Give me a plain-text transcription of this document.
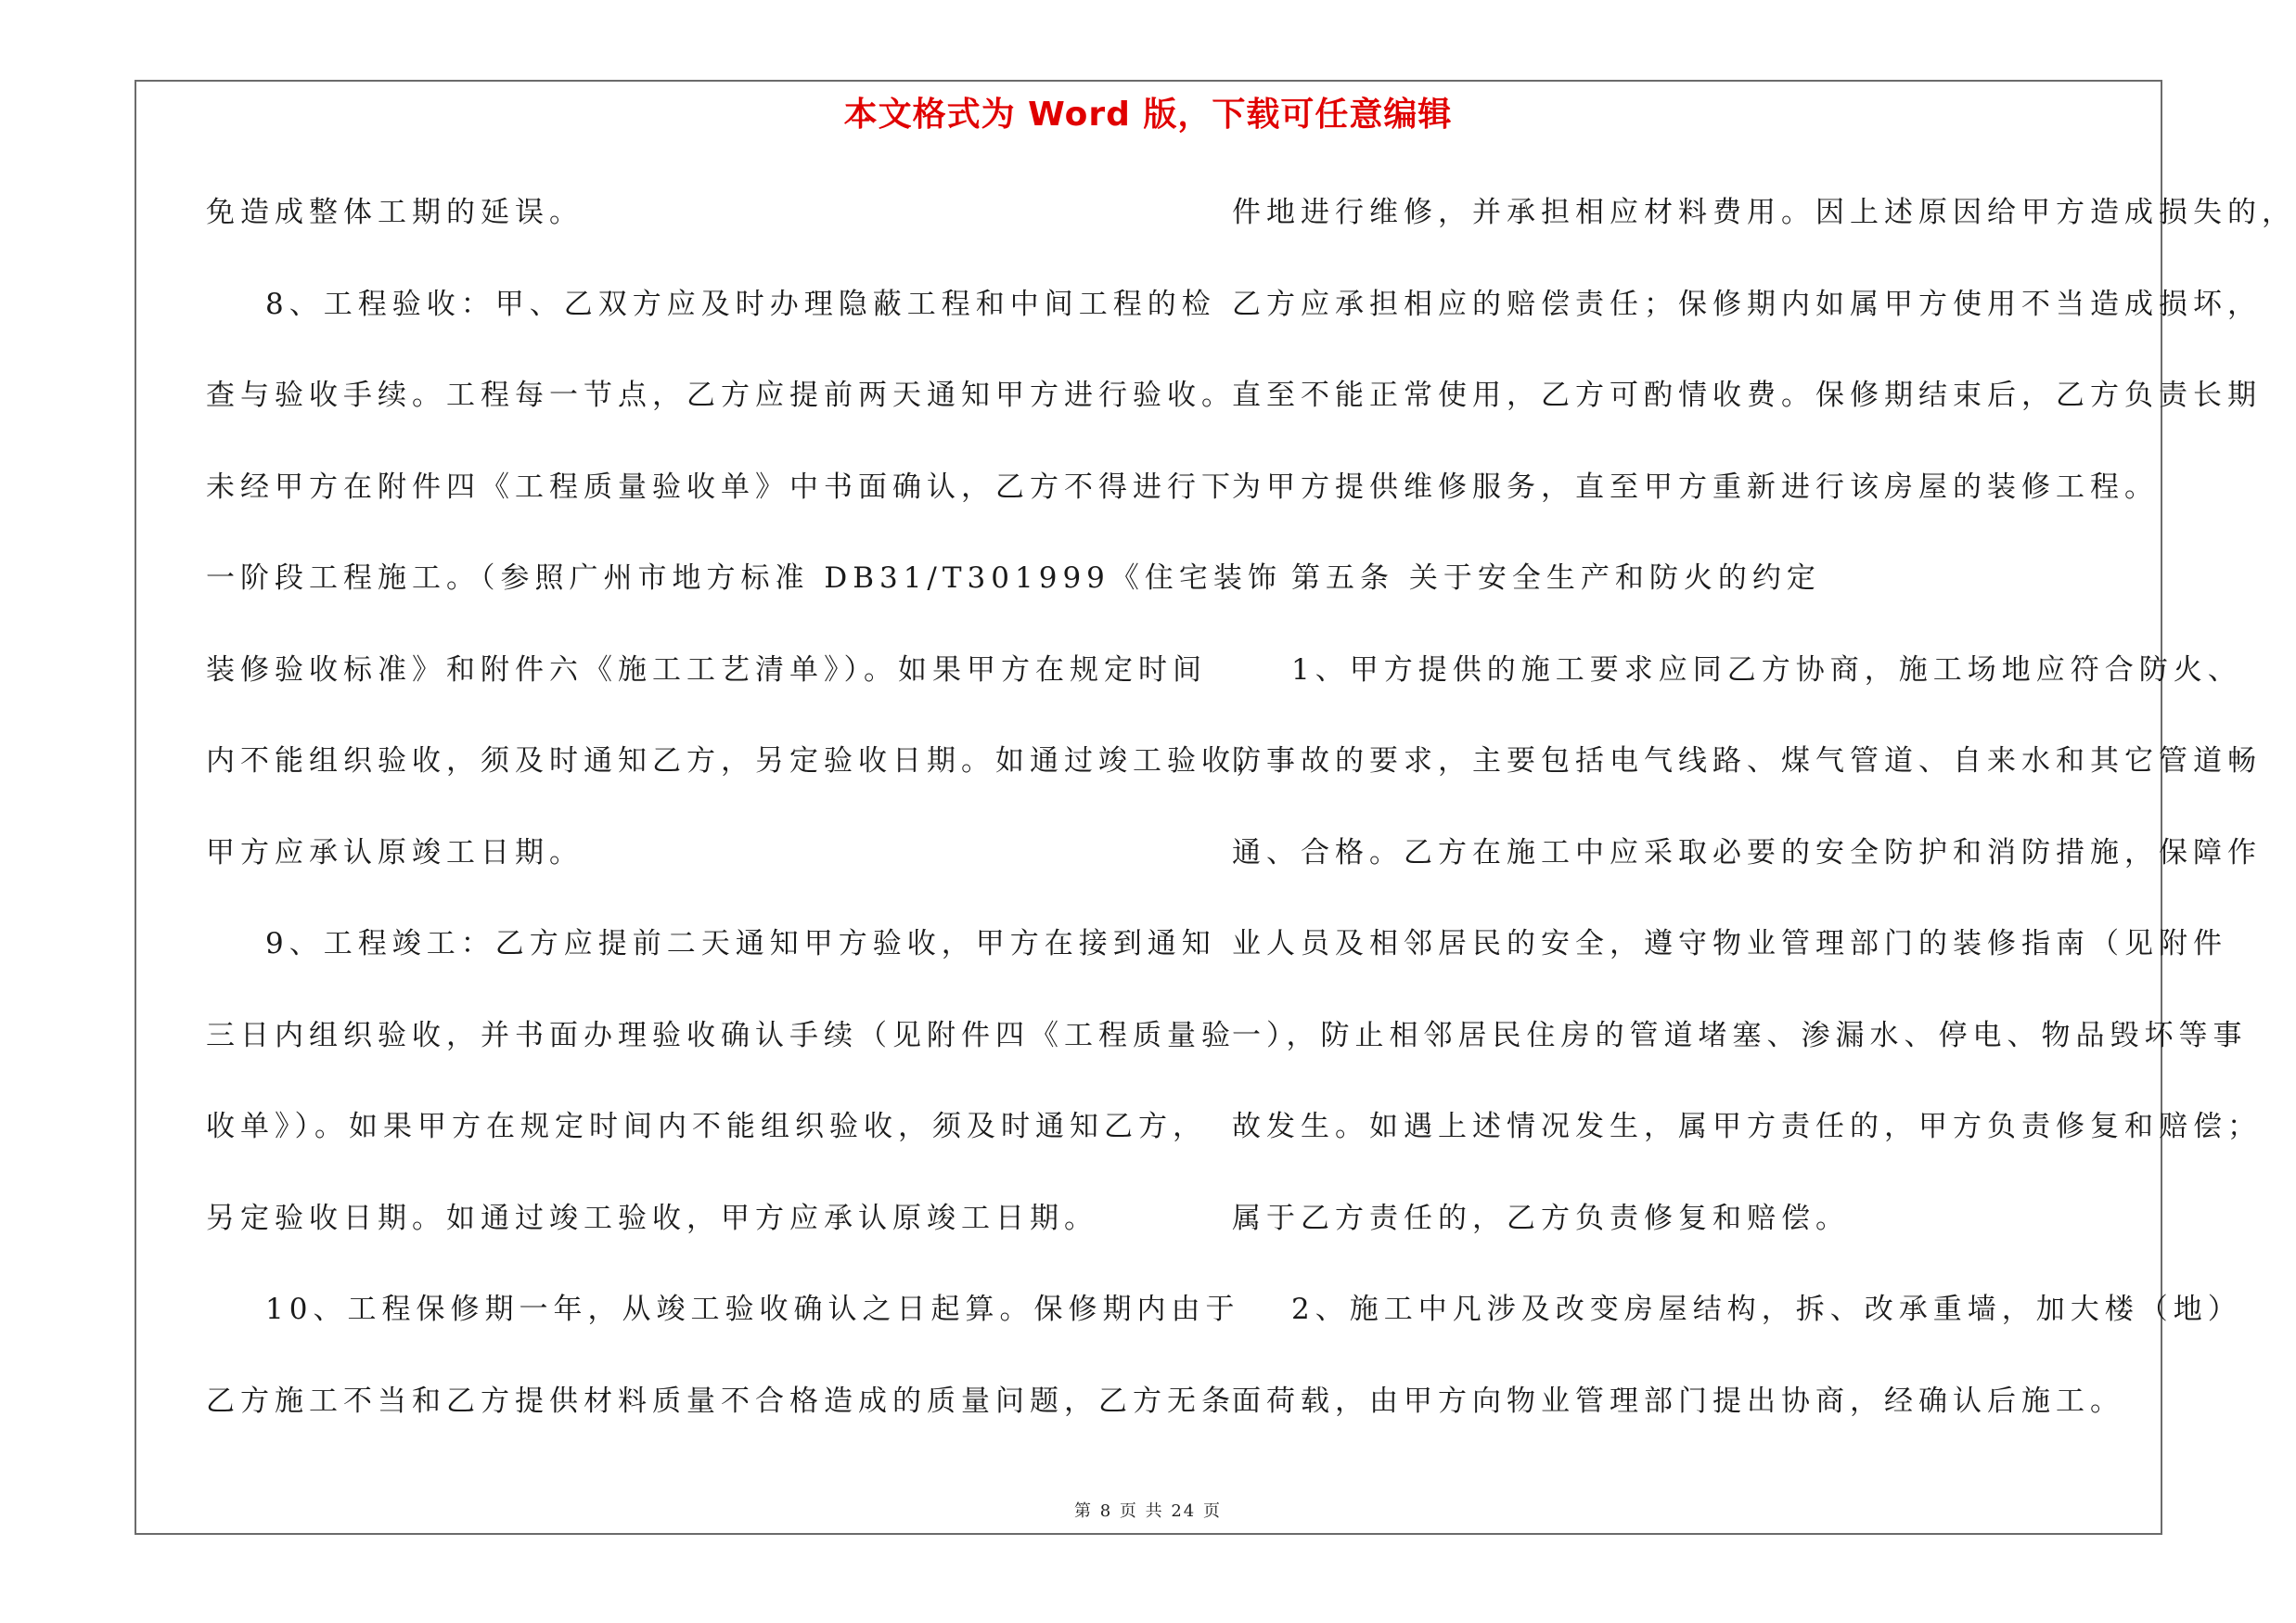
本文格式为 Word 版，下载可任意编辑
免造成整体工期的延误。
8、工程验收：甲、乙双方应及时办理隐蔽工程和中间工程的检
查与验收手续。工程每一节点，乙方应提前两天通知甲方进行验收。
未经甲方在附件四《工程质量验收单》中书面确认，乙方不得进行下
一阶段工程施工。（参照广州市地方标准 DB31/T301999《住宅装饰
装修验收标准》和附件六《施工工艺清单》）。如果甲方在规定时间
内不能组织验收，须及时通知乙方，另定验收日期。如通过竣工验收，
甲方应承认原竣工日期。
9、工程竣工：乙方应提前二天通知甲方验收，甲方在接到通知
三日内组织验收，并书面办理验收确认手续（见附件四《工程质量验
收单》）。如果甲方在规定时间内不能组织验收，须及时通知乙方，
另定验收日期。如通过竣工验收，甲方应承认原竣工日期。
10、工程保修期一年，从竣工验收确认之日起算。保修期内由于
乙方施工不当和乙方提供材料质量不合格造成的质量问题，乙方无条
件地进行维修，并承担相应材料费用。因上述原因给甲方造成损失的，
乙方应承担相应的赔偿责任；保修期内如属甲方使用不当造成损坏，
直至不能正常使用，乙方可酌情收费。保修期结束后，乙方负责长期
为甲方提供维修服务，直至甲方重新进行该房屋的装修工程。
第五条 关于安全生产和防火的约定
1、甲方提供的施工要求应同乙方协商，施工场地应符合防火、
防事故的要求，主要包括电气线路、煤气管道、自来水和其它管道畅
通、合格。乙方在施工中应采取必要的安全防护和消防措施，保障作
业人员及相邻居民的安全，遵守物业管理部门的装修指南（见附件
一），防止相邻居民住房的管道堵塞、渗漏水、停电、物品毁坏等事
故发生。如遇上述情况发生，属甲方责任的，甲方负责修复和赔偿；
属于乙方责任的，乙方负责修复和赔偿。
2、施工中凡涉及改变房屋结构，拆、改承重墙，加大楼（地）
面荷载，由甲方向物业管理部门提出协商，经确认后施工。
第 8 页 共 24 页
